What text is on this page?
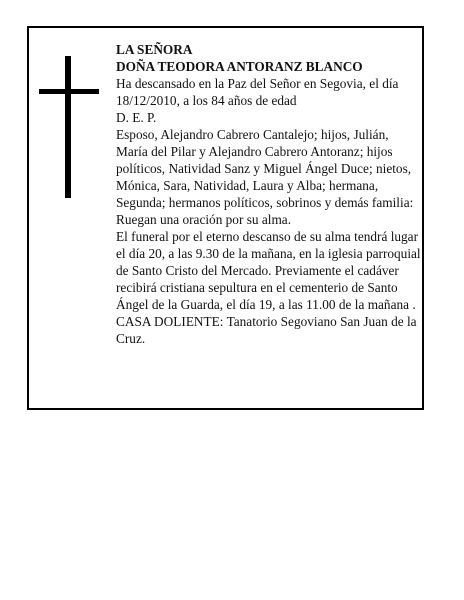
LA SEÑORA

DOÑA TEODORA ANTORANZ BLANCO

Ha descansado en la Paz del Señor en Segovia, el día 18/12/2010, a los 84 años de edad

D. E. P.

Esposo, Alejandro Cabrero Cantalejo; hijos, Julián, María del Pilar y Alejandro Cabrero Antoranz; hijos políticos, Natividad Sanz y Miguel Ángel Duce; nietos, Mónica, Sara, Natividad, Laura y Alba; hermana, Segunda; hermanos políticos, sobrinos y demás familia: Ruegan una oración por su alma.

El funeral por el eterno descanso de su alma tendrá lugar el día 20, a las 9.30 de la mañana, en la iglesia parroquial de Santo Cristo del Mercado. Previamente el cadáver recibirá cristiana sepultura en el cementerio de Santo Ángel de la Guarda, el día 19, a las 11.00 de la mañana .

CASA DOLIENTE: Tanatorio Segoviano San Juan de la Cruz.
